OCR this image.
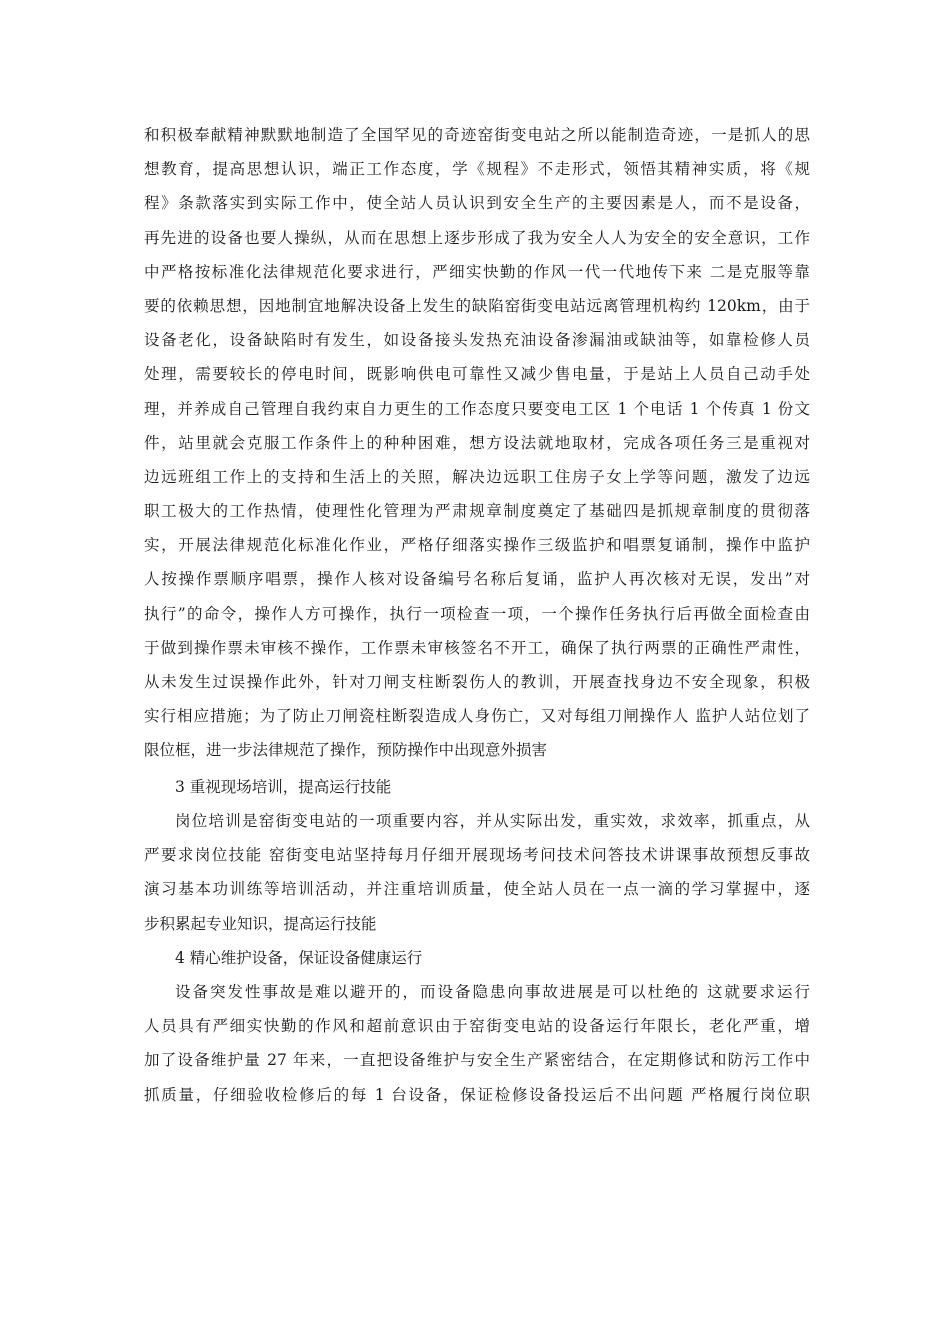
和积极奉献精神默默地制造了全国罕见的奇迹窑街变电站之所以能制造奇迹，一是抓人的思
想教育，提高思想认识，端正工作态度，学《规程》不走形式，领悟其精神实质，将《规
程》条款落实到实际工作中，使全站人员认识到安全生产的主要因素是人，而不是设备，
再先进的设备也要人操纵，从而在思想上逐步形成了我为安全人人为安全的安全意识，工作
中严格按标准化法律规范化要求进行，严细实快勤的作风一代一代地传下来 二是克服等靠
要的依赖思想，因地制宜地解决设备上发生的缺陷窑街变电站远离管理机构约 120km，由于
设备老化，设备缺陷时有发生，如设备接头发热充油设备渗漏油或缺油等，如靠检修人员
处理，需要较长的停电时间，既影响供电可靠性又减少售电量，于是站上人员自己动手处
理，并养成自己管理自我约束自力更生的工作态度只要变电工区 1 个电话 1 个传真 1 份文
件，站里就会克服工作条件上的种种困难，想方设法就地取材，完成各项任务三是重视对
边远班组工作上的支持和生活上的关照，解决边远职工住房子女上学等问题，激发了边远
职工极大的工作热情，使理性化管理为严肃规章制度奠定了基础四是抓规章制度的贯彻落
实，开展法律规范化标准化作业，严格仔细落实操作三级监护和唱票复诵制，操作中监护
人按操作票顺序唱票，操作人核对设备编号名称后复诵，监护人再次核对无误，发出”对
执行”的命令，操作人方可操作，执行一项检查一项，一个操作任务执行后再做全面检查由
于做到操作票未审核不操作，工作票未审核签名不开工，确保了执行两票的正确性严肃性，
从未发生过误操作此外，针对刀闸支柱断裂伤人的教训，开展查找身边不安全现象，积极
实行相应措施；为了防止刀闸瓷柱断裂造成人身伤亡，又对每组刀闸操作人 监护人站位划了
限位框，进一步法律规范了操作，预防操作中出现意外损害
3 重视现场培训，提高运行技能
岗位培训是窑街变电站的一项重要内容，并从实际出发，重实效，求效率，抓重点，从
严要求岗位技能 窑街变电站坚持每月仔细开展现场考问技术问答技术讲课事故预想反事故
演习基本功训练等培训活动，并注重培训质量，使全站人员在一点一滴的学习掌握中，逐
步积累起专业知识，提高运行技能
4 精心维护设备，保证设备健康运行
设备突发性事故是难以避开的，而设备隐患向事故进展是可以杜绝的 这就要求运行
人员具有严细实快勤的作风和超前意识由于窑街变电站的设备运行年限长，老化严重，增
加了设备维护量 27 年来，一直把设备维护与安全生产紧密结合，在定期修试和防污工作中
抓质量，仔细验收检修后的每 1 台设备，保证检修设备投运后不出问题 严格履行岗位职
